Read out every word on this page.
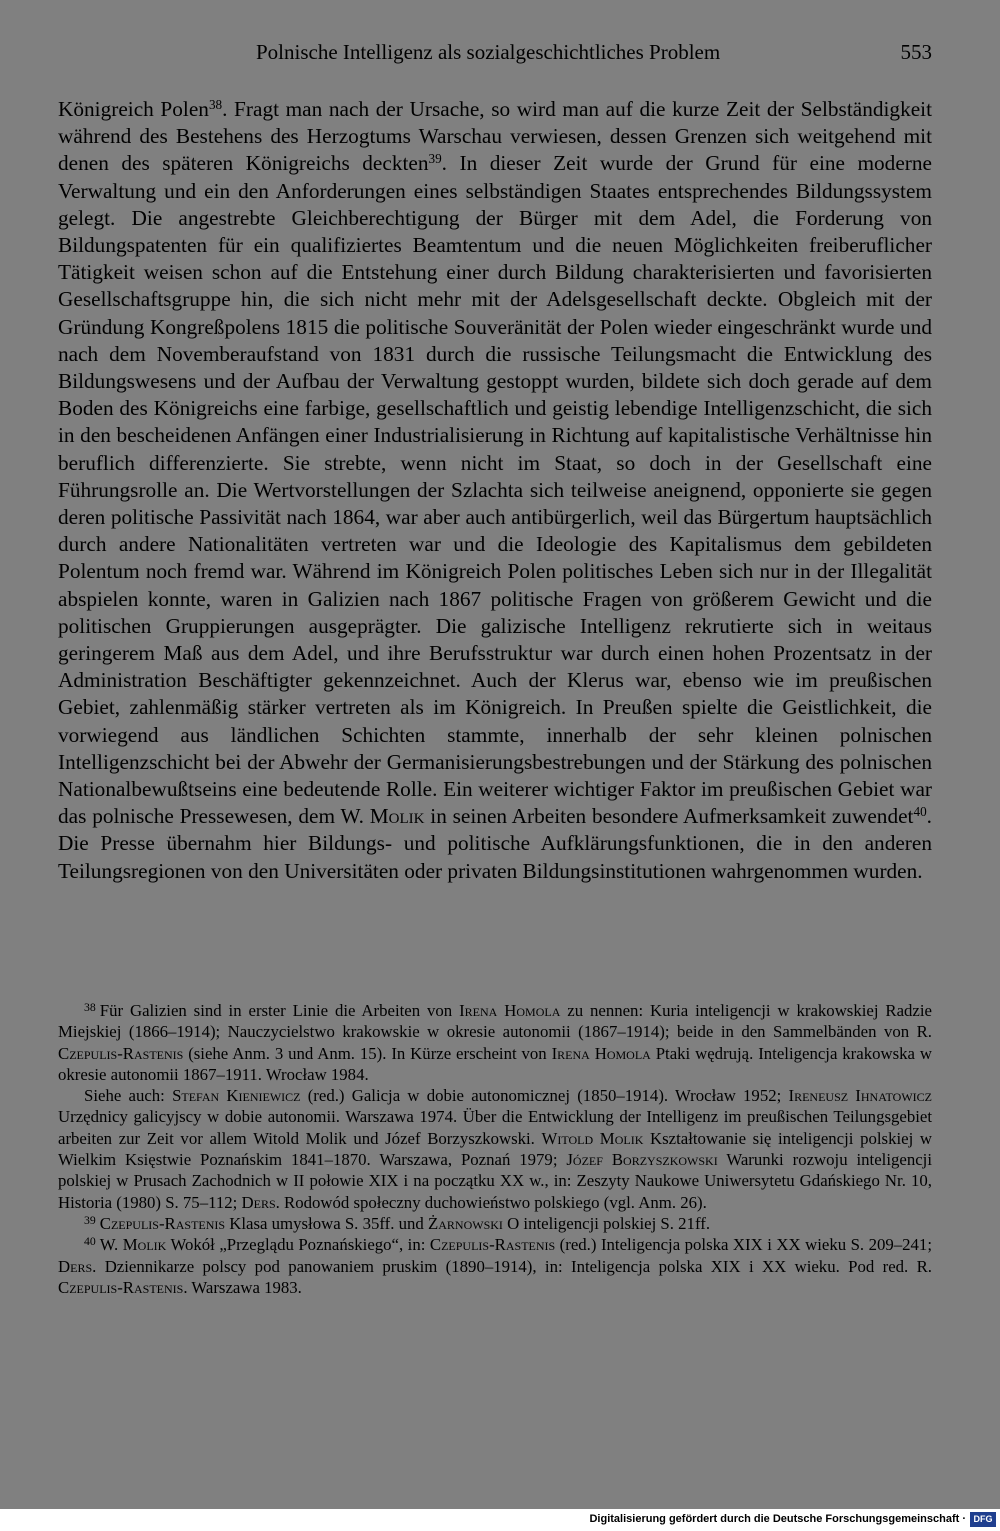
Polnische Intelligenz als sozialgeschichtliches Problem	553

Königreich Polen$^{38}$. Fragt man nach der Ursache, so wird man auf die kurze Zeit der Selbständigkeit während des Bestehens des Herzogtums Warschau verwiesen, dessen Grenzen sich weitgehend mit denen des späteren Königreichs deckten$^{39}$. In dieser Zeit wurde der Grund für eine moderne Verwaltung und ein den Anforderungen eines selbständigen Staates entsprechendes Bildungssystem gelegt. Die angestrebte Gleichberechtigung der Bürger mit dem Adel, die Forderung von Bildungspatenten für ein qualifiziertes Beamtentum und die neuen Möglichkeiten freiberuflicher Tätigkeit weisen schon auf die Entstehung einer durch Bildung charakterisierten und favorisierten Gesellschaftsgruppe hin, die sich nicht mehr mit der Adelsgesellschaft deckte. Obgleich mit der Gründung Kongreßpolens 1815 die politische Souveränität der Polen wieder eingeschränkt wurde und nach dem Novemberaufstand von 1831 durch die russische Teilungsmacht die Entwicklung des Bildungswesens und der Aufbau der Verwaltung gestoppt wurden, bildete sich doch gerade auf dem Boden des Königreichs eine farbige, gesellschaftlich und geistig lebendige Intelligenzschicht, die sich in den bescheidenen Anfängen einer Industrialisierung in Richtung auf kapitalistische Verhältnisse hin beruflich differenzierte. Sie strebte, wenn nicht im Staat, so doch in der Gesellschaft eine Führungsrolle an. Die Wertvorstellungen der Szlachta sich teilweise aneignend, opponierte sie gegen deren politische Passivität nach 1864, war aber auch antibürgerlich, weil das Bürgertum hauptsächlich durch andere Nationalitäten vertreten war und die Ideologie des Kapitalismus dem gebildeten Polentum noch fremd war. Während im Königreich Polen politisches Leben sich nur in der Illegalität abspielen konnte, waren in Galizien nach 1867 politische Fragen von größerem Gewicht und die politischen Gruppierungen ausgeprägter. Die galizische Intelligenz rekrutierte sich in weitaus geringerem Maß aus dem Adel, und ihre Berufsstruktur war durch einen hohen Prozentsatz in der Administration Beschäftigter gekennzeichnet. Auch der Klerus war, ebenso wie im preußischen Gebiet, zahlenmäßig stärker vertreten als im Königreich. In Preußen spielte die Geistlichkeit, die vorwiegend aus ländlichen Schichten stammte, innerhalb der sehr kleinen polnischen Intelligenzschicht bei der Abwehr der Germanisierungsbestrebungen und der Stärkung des polnischen Nationalbewußtseins eine bedeutende Rolle. Ein weiterer wichtiger Faktor im preußischen Gebiet war das polnische Pressewesen, dem W. Molik in seinen Arbeiten besondere Aufmerksamkeit zuwendet$^{40}$. Die Presse übernahm hier Bildungs- und politische Aufklärungsfunktionen, die in den anderen Teilungsregionen von den Universitäten oder privaten Bildungsinstitutionen wahrgenommen wurden.

$^{38}$ Für Galizien sind in erster Linie die Arbeiten von Irena Homola zu nennen: Kuria inteligencji w krakowskiej Radzie Miejskiej (1866–1914); Nauczycielstwo krakowskie w okresie autonomii (1867–1914); beide in den Sammelbänden von R. Czepulis-Rastenis (siehe Anm. 3 und Anm. 15). In Kürze erscheint von Irena Homola Ptaki wędrują. Inteligencja krakowska w okresie autonomii 1867–1911. Wrocław 1984.

Siehe auch: Stefan Kieniewicz (red.) Galicja w dobie autonomicznej (1850–1914). Wrocław 1952; Ireneusz Ihnatowicz Urzędnicy galicyjscy w dobie autonomii. Warszawa 1974. Über die Entwicklung der Intelligenz im preußischen Teilungsgebiet arbeiten zur Zeit vor allem Witold Molik und Józef Borzyszkowski. Witold Molik Kształtowanie się inteligencji polskiej w Wielkim Księstwie Poznańskim 1841–1870. Warszawa, Poznań 1979; Józef Borzyszkowski Warunki rozwoju inteligencji polskiej w Prusach Zachodnich w II połowie XIX i na początku XX w., in: Zeszyty Naukowe Uniwersytetu Gdańskiego Nr. 10, Historia (1980) S. 75–112; Ders. Rodowód społeczny duchowieństwo polskiego (vgl. Anm. 26).

$^{39}$ Czepulis-Rastenis Klasa umysłowa S. 35ff. und Żarnowski O inteligencji polskiej S. 21ff.

$^{40}$ W. Molik Wokół „Przeglądu Poznańskiego“, in: Czepulis-Rastenis (red.) Inteligencja polska XIX i XX wieku S. 209–241; Ders. Dziennikarze polscy pod panowaniem pruskim (1890–1914), in: Inteligencja polska XIX i XX wieku. Pod red. R. Czepulis-Rastenis. Warszawa 1983.

Digitalisierung gefördert durch die Deutsche Forschungsgemeinschaft · DFG
